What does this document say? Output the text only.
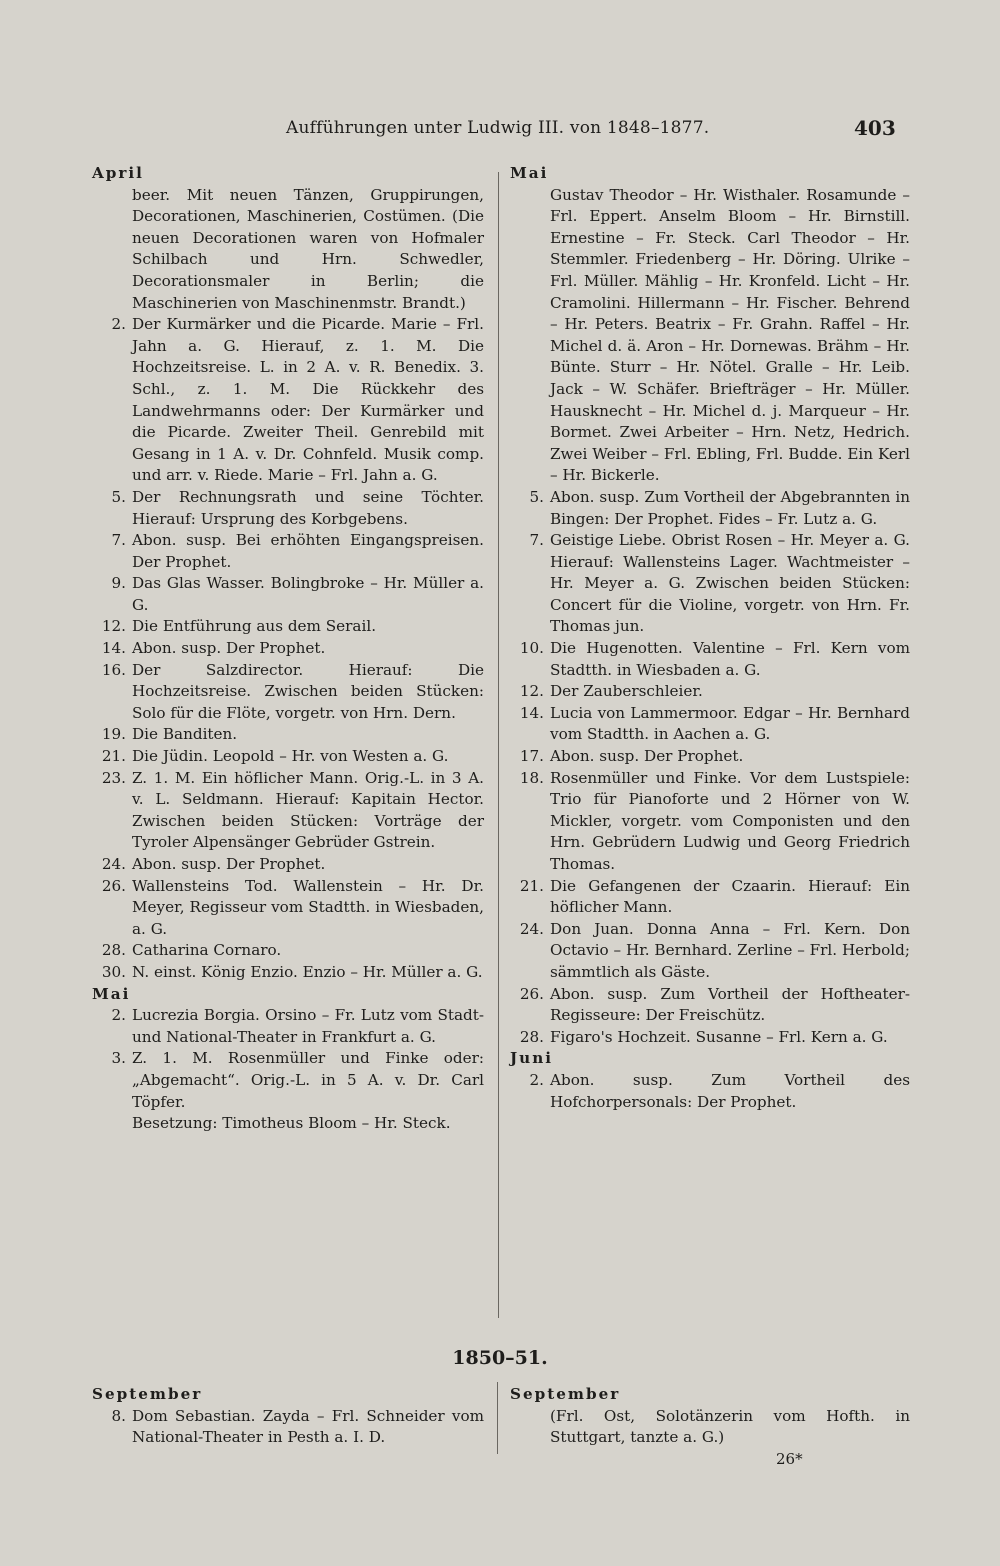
Aufführungen unter Ludwig III. von 1848–1877.	403
April
beer. Mit neuen Tänzen, Gruppirungen, Decorationen, Maschinerien, Costümen. (Die neuen Decorationen waren von Hofmaler Schilbach und Hrn. Schwedler, Decorationsmaler in Berlin; die Maschinerien von Maschinenmstr. Brandt.)
2. Der Kurmärker und die Picarde. Marie – Frl. Jahn a. G. Hierauf, z. 1. M. Die Hochzeitsreise. L. in 2 A. v. R. Benedix. 3. Schl., z. 1. M. Die Rückkehr des Landwehrmanns oder: Der Kurmärker und die Picarde. Zweiter Theil. Genrebild mit Gesang in 1 A. v. Dr. Cohnfeld. Musik comp. und arr. v. Riede. Marie – Frl. Jahn a. G.
5. Der Rechnungsrath und seine Töchter. Hierauf: Ursprung des Korbgebens.
7. Abon. susp. Bei erhöhten Eingangspreisen. Der Prophet.
9. Das Glas Wasser. Bolingbroke – Hr. Müller a. G.
12. Die Entführung aus dem Serail.
14. Abon. susp. Der Prophet.
16. Der Salzdirector. Hierauf: Die Hochzeitsreise. Zwischen beiden Stücken: Solo für die Flöte, vorgetr. von Hrn. Dern.
19. Die Banditen.
21. Die Jüdin. Leopold – Hr. von Westen a. G.
23. Z. 1. M. Ein höflicher Mann. Orig.-L. in 3 A. v. L. Seldmann. Hierauf: Kapitain Hector. Zwischen beiden Stücken: Vorträge der Tyroler Alpensänger Gebrüder Gstrein.
24. Abon. susp. Der Prophet.
26. Wallensteins Tod. Wallenstein – Hr. Dr. Meyer, Regisseur vom Stadtth. in Wiesbaden, a. G.
28. Catharina Cornaro.
30. N. einst. König Enzio. Enzio – Hr. Müller a. G.
Mai
2. Lucrezia Borgia. Orsino – Fr. Lutz vom Stadt- und National-Theater in Frankfurt a. G.
3. Z. 1. M. Rosenmüller und Finke oder: „Abgemacht“. Orig.-L. in 5 A. v. Dr. Carl Töpfer.
Besetzung: Timotheus Bloom – Hr. Steck.
Mai
Gustav Theodor – Hr. Wisthaler. Rosamunde – Frl. Eppert. Anselm Bloom – Hr. Birnstill. Ernestine – Fr. Steck. Carl Theodor – Hr. Stemmler. Friedenberg – Hr. Döring. Ulrike – Frl. Müller. Mählig – Hr. Kronfeld. Licht – Hr. Cramolini. Hillermann – Hr. Fischer. Behrend – Hr. Peters. Beatrix – Fr. Grahn. Raffel – Hr. Michel d. ä. Aron – Hr. Dornewas. Brähm – Hr. Bünte. Sturr – Hr. Nötel. Gralle – Hr. Leib. Jack – W. Schäfer. Briefträger – Hr. Müller. Hausknecht – Hr. Michel d. j. Marqueur – Hr. Bormet. Zwei Arbeiter – Hrn. Netz, Hedrich. Zwei Weiber – Frl. Ebling, Frl. Budde. Ein Kerl – Hr. Bickerle.
5. Abon. susp. Zum Vortheil der Abgebrannten in Bingen: Der Prophet. Fides – Fr. Lutz a. G.
7. Geistige Liebe. Obrist Rosen – Hr. Meyer a. G. Hierauf: Wallensteins Lager. Wachtmeister – Hr. Meyer a. G. Zwischen beiden Stücken: Concert für die Violine, vorgetr. von Hrn. Fr. Thomas jun.
10. Die Hugenotten. Valentine – Frl. Kern vom Stadtth. in Wiesbaden a. G.
12. Der Zauberschleier.
14. Lucia von Lammermoor. Edgar – Hr. Bernhard vom Stadtth. in Aachen a. G.
17. Abon. susp. Der Prophet.
18. Rosenmüller und Finke. Vor dem Lustspiele: Trio für Pianoforte und 2 Hörner von W. Mickler, vorgetr. vom Componisten und den Hrn. Gebrüdern Ludwig und Georg Friedrich Thomas.
21. Die Gefangenen der Czaarin. Hierauf: Ein höflicher Mann.
24. Don Juan. Donna Anna – Frl. Kern. Don Octavio – Hr. Bernhard. Zerline – Frl. Herbold; sämmtlich als Gäste.
26. Abon. susp. Zum Vortheil der Hoftheater-Regisseure: Der Freischütz.
28. Figaro's Hochzeit. Susanne – Frl. Kern a. G.
Juni
2. Abon. susp. Zum Vortheil des Hofchorpersonals: Der Prophet.
1850–51.
September
8. Dom Sebastian. Zayda – Frl. Schneider vom National-Theater in Pesth a. I. D.
September
(Frl. Ost, Solotänzerin vom Hofth. in Stuttgart, tanzte a. G.)
26*
